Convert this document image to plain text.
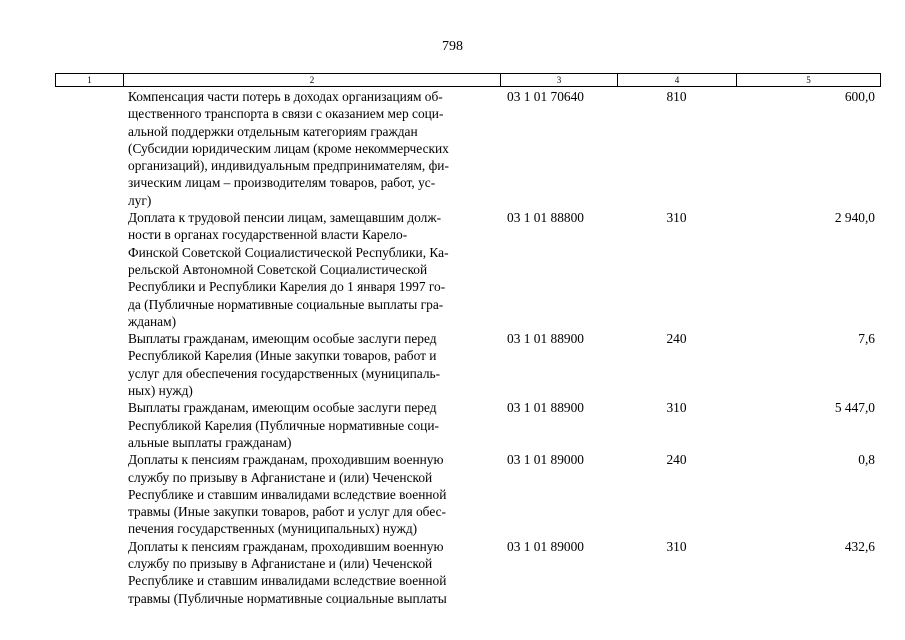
798
1	2	3	4	5
Компенсация части потерь в доходах организациям об-
щественного транспорта в связи с оказанием мер соци-
альной поддержки отдельным категориям граждан
(Субсидии юридическим лицам (кроме некоммерческих
организаций), индивидуальным предпринимателям, фи-
зическим лицам – производителям товаров, работ, ус-
луг)
03 1 01 70640	810	600,0
Доплата к трудовой пенсии лицам, замещавшим долж-
ности в органах государственной власти Карело-
Финской Советской Социалистической Республики, Ка-
рельской Автономной Советской Социалистической
Республики и Республики Карелия до 1 января 1997 го-
да (Публичные нормативные социальные выплаты гра-
жданам)
03 1 01 88800	310	2 940,0
Выплаты гражданам, имеющим особые заслуги перед
Республикой Карелия (Иные закупки товаров, работ и
услуг для обеспечения государственных (муниципаль-
ных) нужд)
03 1 01 88900	240	7,6
Выплаты гражданам, имеющим особые заслуги перед
Республикой Карелия (Публичные нормативные соци-
альные выплаты гражданам)
03 1 01 88900	310	5 447,0
Доплаты к пенсиям гражданам, проходившим военную
службу по призыву в Афганистане и (или) Чеченской
Республике и ставшим инвалидами вследствие военной
травмы (Иные закупки товаров, работ и услуг для обес-
печения государственных (муниципальных) нужд)
03 1 01 89000	240	0,8
Доплаты к пенсиям гражданам, проходившим военную
службу по призыву в Афганистане и (или) Чеченской
Республике и ставшим инвалидами вследствие военной
травмы (Публичные нормативные социальные выплаты
03 1 01 89000	310	432,6
